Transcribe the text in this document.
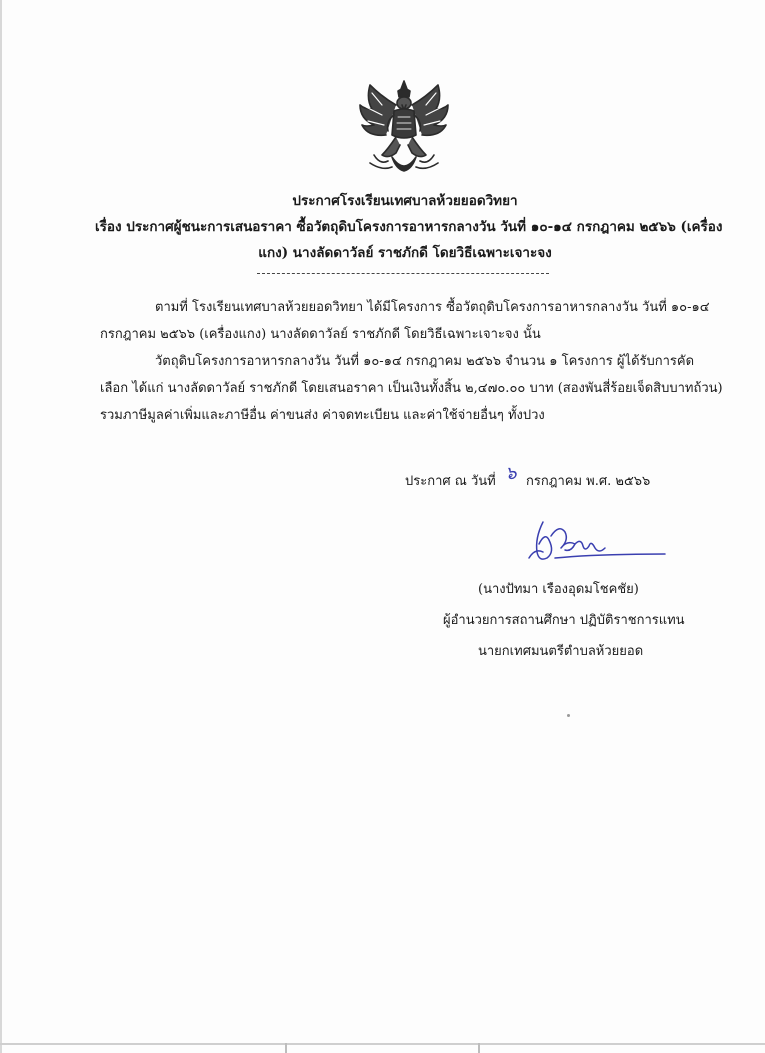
ประกาศโรงเรียนเทศบาลห้วยยอดวิทยา
เรื่อง ประกาศผู้ชนะการเสนอราคา ซื้อวัตถุดิบโครงการอาหารกลางวัน วันที่ ๑๐-๑๔ กรกฎาคม ๒๕๖๖ (เครื่อง
แกง) นางลัดดาวัลย์ ราชภักดี โดยวิธีเฉพาะเจาะจง
ตามที่ โรงเรียนเทศบาลห้วยยอดวิทยา ได้มีโครงการ ซื้อวัตถุดิบโครงการอาหารกลางวัน วันที่ ๑๐-๑๔
กรกฎาคม ๒๕๖๖ (เครื่องแกง) นางลัดดาวัลย์ ราชภักดี โดยวิธีเฉพาะเจาะจง นั้น
วัตถุดิบโครงการอาหารกลางวัน วันที่ ๑๐-๑๔ กรกฎาคม ๒๕๖๖ จำนวน ๑ โครงการ ผู้ได้รับการคัด
เลือก ได้แก่ นางลัดดาวัลย์ ราชภักดี โดยเสนอราคา เป็นเงินทั้งสิ้น ๒,๔๗๐.๐๐ บาท (สองพันสี่ร้อยเจ็ดสิบบาทถ้วน)
รวมภาษีมูลค่าเพิ่มและภาษีอื่น ค่าขนส่ง ค่าจดทะเบียน และค่าใช้จ่ายอื่นๆ ทั้งปวง
ประกาศ ณ วันที่ ๖ กรกฎาคม พ.ศ. ๒๕๖๖
(นางปัทมา เรืองอุดมโชคชัย)
ผู้อำนวยการสถานศึกษา ปฏิบัติราชการแทน
นายกเทศมนตรีตำบลห้วยยอด
